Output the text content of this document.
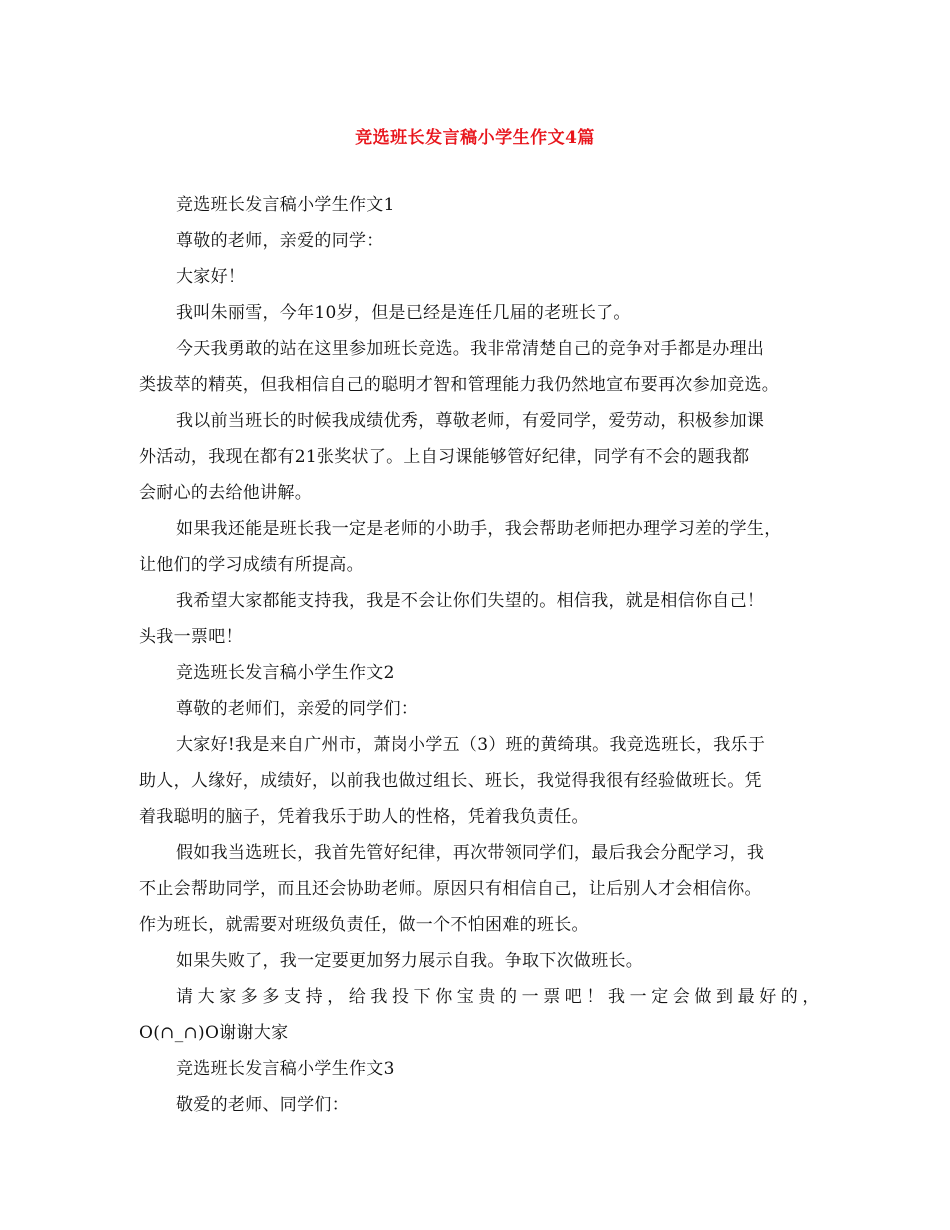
竞选班长发言稿小学生作文4篇
竞选班长发言稿小学生作文1
尊敬的老师，亲爱的同学：
大家好！
我叫朱丽雪，今年10岁，但是已经是连任几届的老班长了。
今天我勇敢的站在这里参加班长竞选。我非常清楚自己的竞争对手都是办理出
类拔萃的精英，但我相信自己的聪明才智和管理能力我仍然地宣布要再次参加竞选。
我以前当班长的时候我成绩优秀，尊敬老师，有爱同学，爱劳动，积极参加课
外活动，我现在都有21张奖状了。上自习课能够管好纪律，同学有不会的题我都
会耐心的去给他讲解。
如果我还能是班长我一定是老师的小助手，我会帮助老师把办理学习差的学生，
让他们的学习成绩有所提高。
我希望大家都能支持我，我是不会让你们失望的。相信我，就是相信你自己！
头我一票吧！
竞选班长发言稿小学生作文2
尊敬的老师们，亲爱的同学们：
大家好!我是来自广州市，萧岗小学五（3）班的黄绮琪。我竞选班长，我乐于
助人，人缘好，成绩好，以前我也做过组长、班长，我觉得我很有经验做班长。凭
着我聪明的脑子，凭着我乐于助人的性格，凭着我负责任。
假如我当选班长，我首先管好纪律，再次带领同学们，最后我会分配学习，我
不止会帮助同学，而且还会协助老师。原因只有相信自己，让后别人才会相信你。
作为班长，就需要对班级负责任，做一个不怕困难的班长。
如果失败了，我一定要更加努力展示自我。争取下次做班长。
请大家多多支持，给我投下你宝贵的一票吧！我一定会做到最好的，
O(∩_∩)O谢谢大家
竞选班长发言稿小学生作文3
敬爱的老师、同学们：
